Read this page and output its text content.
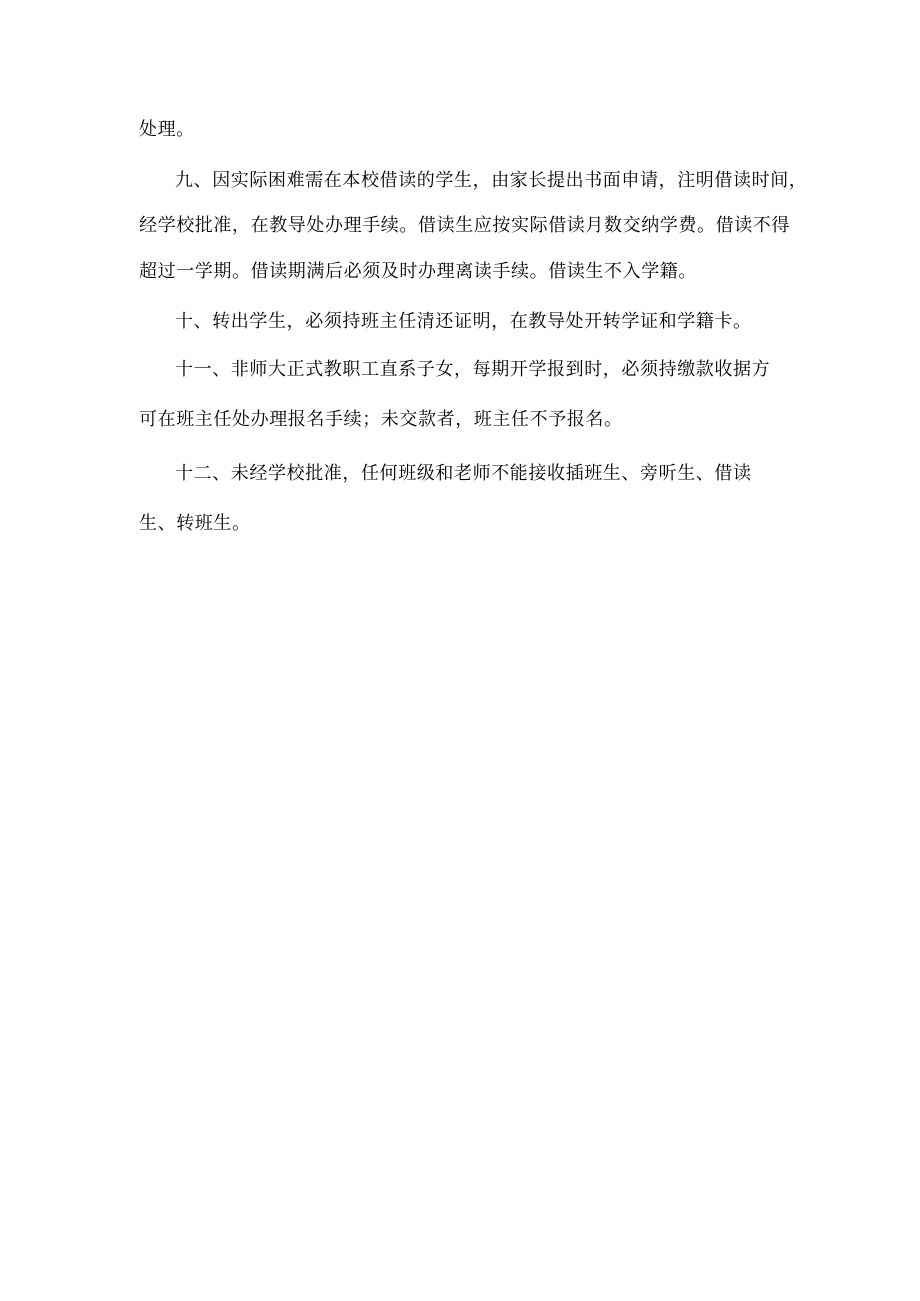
处理。
九、因实际困难需在本校借读的学生，由家长提出书面申请，注明借读时间，
经学校批准，在教导处办理手续。借读生应按实际借读月数交纳学费。借读不得
超过一学期。借读期满后必须及时办理离读手续。借读生不入学籍。
十、转出学生，必须持班主任清还证明，在教导处开转学证和学籍卡。
十一、非师大正式教职工直系子女，每期开学报到时，必须持缴款收据方
可在班主任处办理报名手续；未交款者，班主任不予报名。
十二、未经学校批准，任何班级和老师不能接收插班生、旁听生、借读
生、转班生。
